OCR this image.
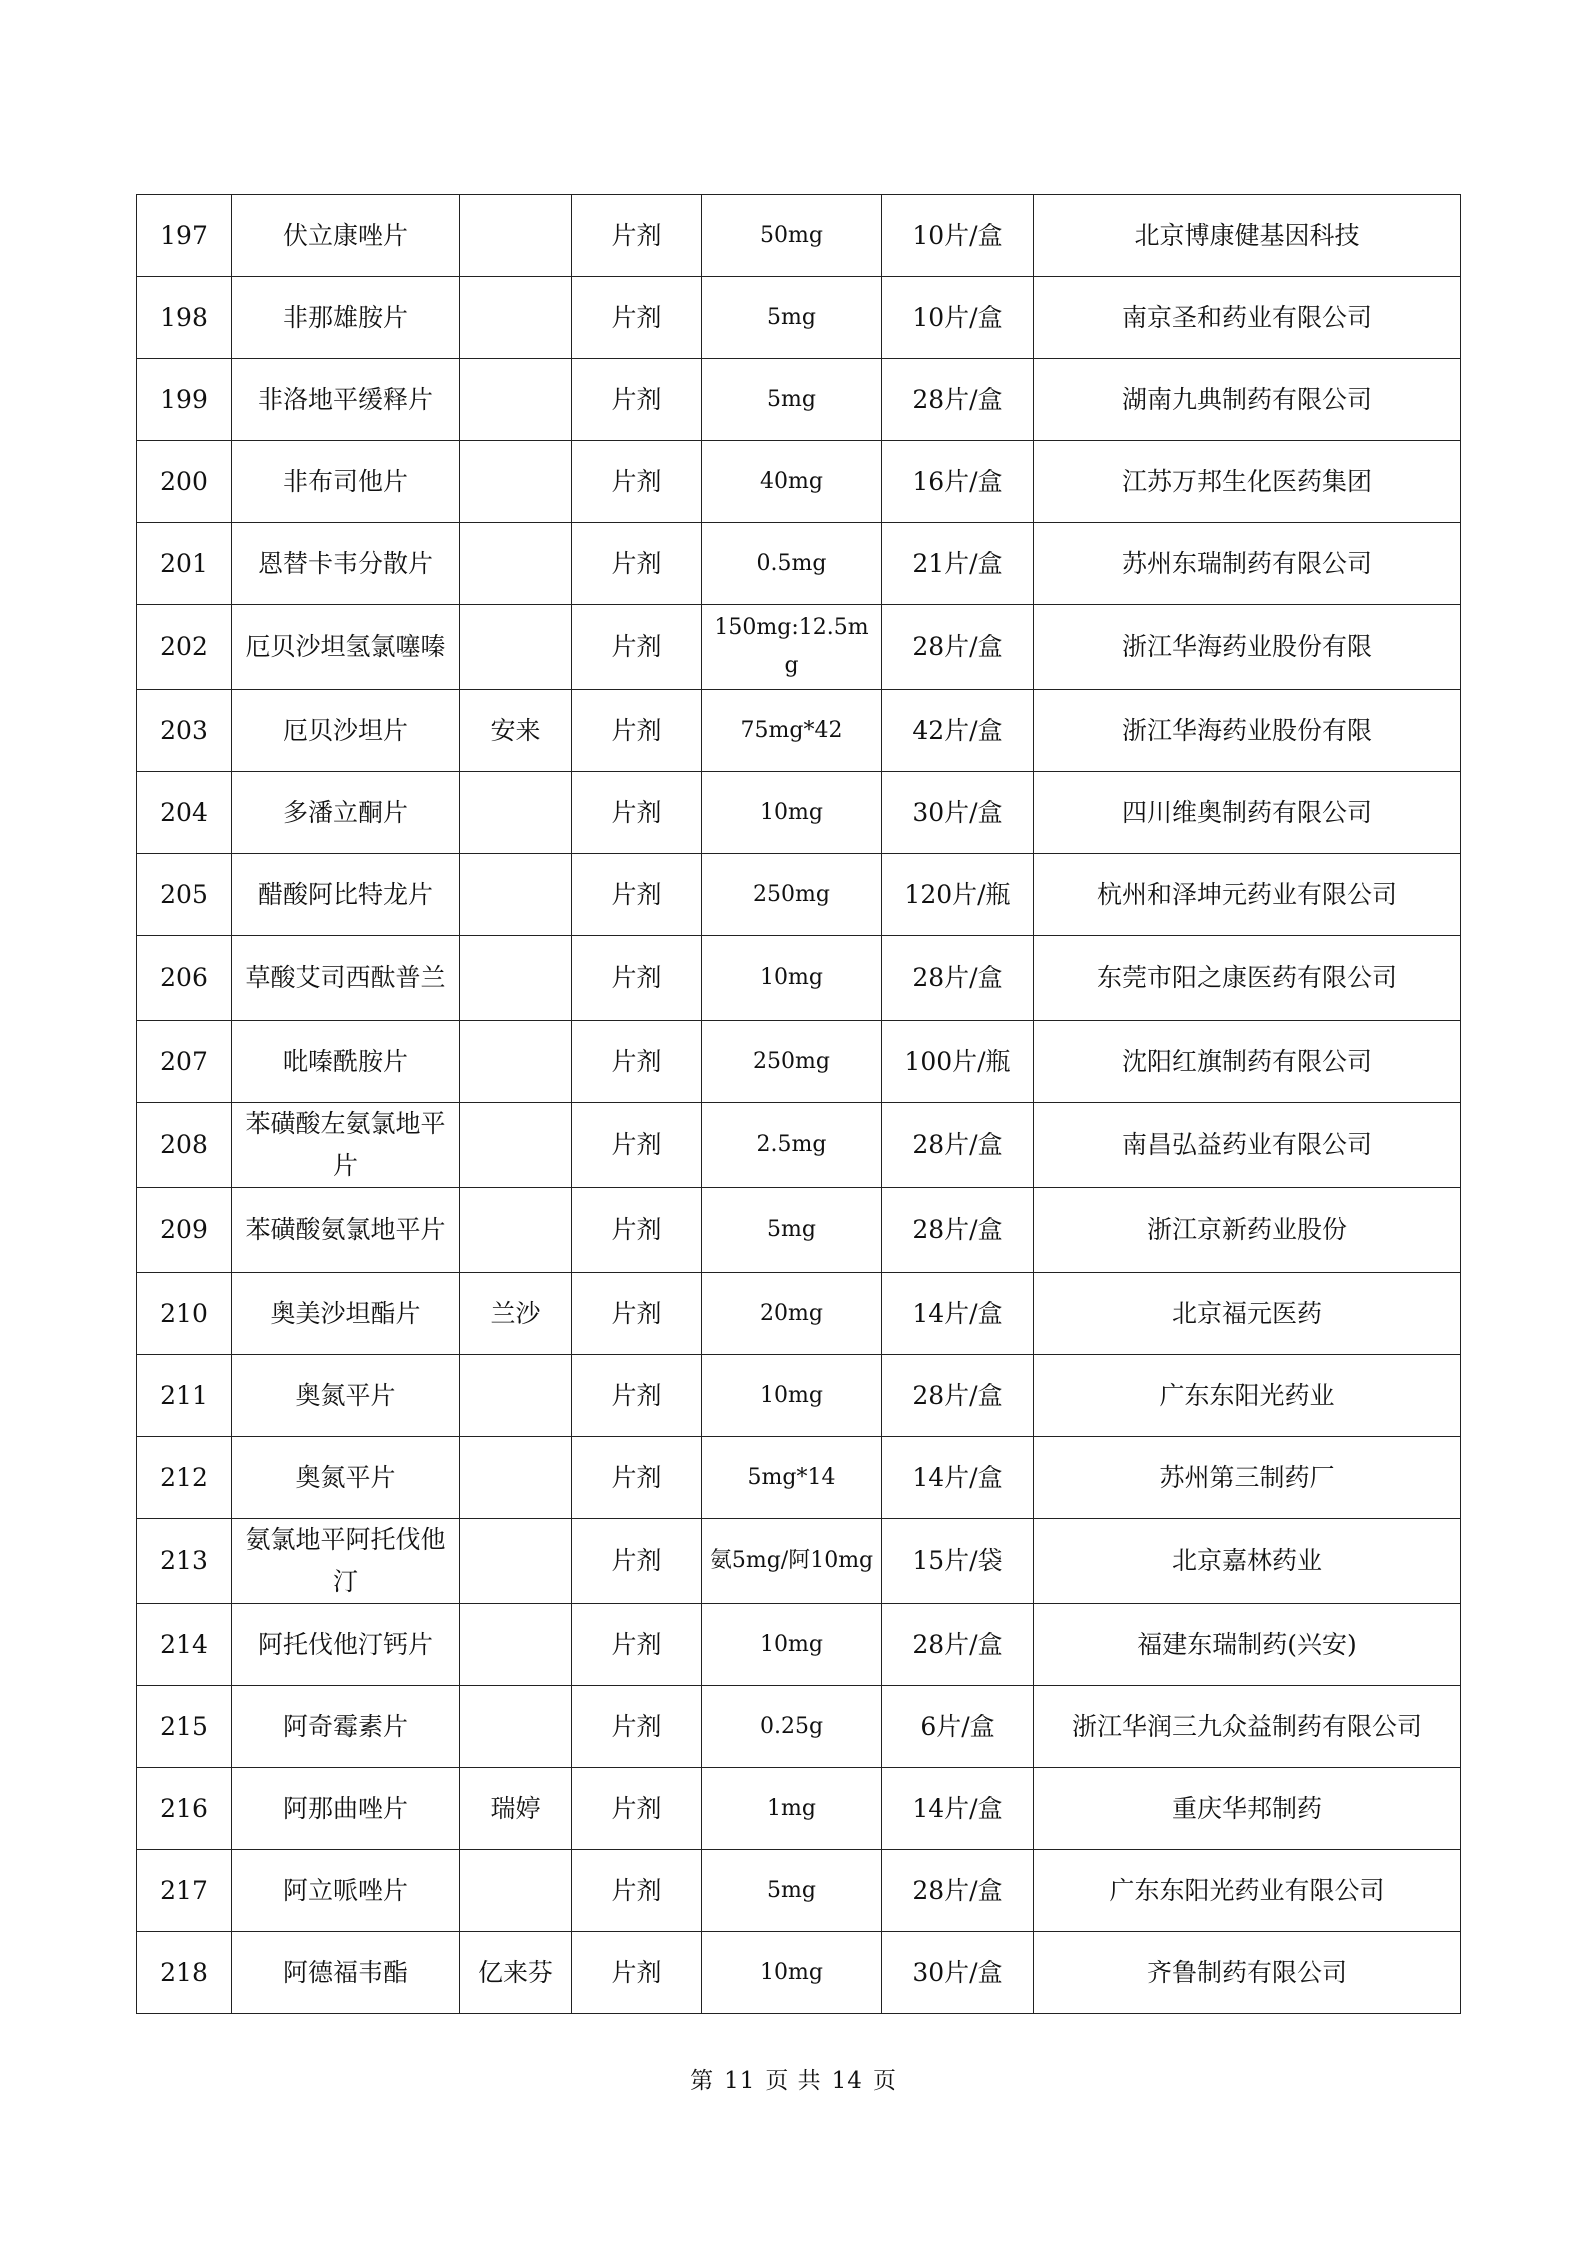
197	伏立康唑片		片剂	50mg	10片/盒	北京博康健基因科技
198	非那雄胺片		片剂	5mg	10片/盒	南京圣和药业有限公司
199	非洛地平缓释片		片剂	5mg	28片/盒	湖南九典制药有限公司
200	非布司他片		片剂	40mg	16片/盒	江苏万邦生化医药集团
201	恩替卡韦分散片		片剂	0.5mg	21片/盒	苏州东瑞制药有限公司
202	厄贝沙坦氢氯噻嗪		片剂	150mg:12.5mg	28片/盒	浙江华海药业股份有限
203	厄贝沙坦片	安来	片剂	75mg*42	42片/盒	浙江华海药业股份有限
204	多潘立酮片		片剂	10mg	30片/盒	四川维奥制药有限公司
205	醋酸阿比特龙片		片剂	250mg	120片/瓶	杭州和泽坤元药业有限公司
206	草酸艾司西酞普兰		片剂	10mg	28片/盒	东莞市阳之康医药有限公司
207	吡嗪酰胺片		片剂	250mg	100片/瓶	沈阳红旗制药有限公司
208	苯磺酸左氨氯地平片		片剂	2.5mg	28片/盒	南昌弘益药业有限公司
209	苯磺酸氨氯地平片		片剂	5mg	28片/盒	浙江京新药业股份
210	奥美沙坦酯片	兰沙	片剂	20mg	14片/盒	北京福元医药
211	奥氮平片		片剂	10mg	28片/盒	广东东阳光药业
212	奥氮平片		片剂	5mg*14	14片/盒	苏州第三制药厂
213	氨氯地平阿托伐他汀		片剂	氨5mg/阿10mg	15片/袋	北京嘉林药业
214	阿托伐他汀钙片		片剂	10mg	28片/盒	福建东瑞制药(兴安)
215	阿奇霉素片		片剂	0.25g	6片/盒	浙江华润三九众益制药有限公司
216	阿那曲唑片	瑞婷	片剂	1mg	14片/盒	重庆华邦制药
217	阿立哌唑片		片剂	5mg	28片/盒	广东东阳光药业有限公司
218	阿德福韦酯	亿来芬	片剂	10mg	30片/盒	齐鲁制药有限公司
第 11 页 共 14 页
